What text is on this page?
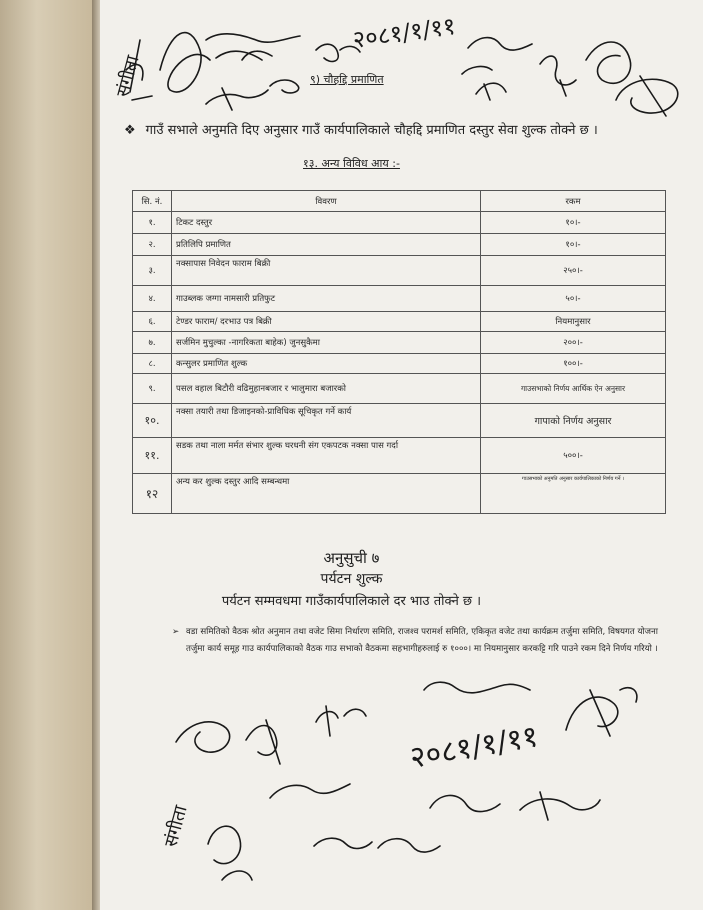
९) चौहद्दि प्रमाणित
❖ गाउँ सभाले अनुमति दिए अनुसार गाउँ कार्यपालिकाले चौहद्दि प्रमाणित दस्तुर सेवा शुल्क तोक्ने छ ।
१३. अन्य विविध आय :-
सि. नं.	विवरण	रकम
१.	टिकट दस्तुर	१०।-
२.	प्रतिलिपि प्रमाणित	१०।-
३.	नक्सापास निवेदन फाराम बिक्री	२५०।-
४.	गाउब्लक जग्गा नामसारी प्रतिफुट	५०।-
६.	टेण्डर फाराम/ दरभाउ पत्र बिक्री	नियमानुसार
७.	सर्जमिन मुचुल्का -नागरिकता बाहेक) जुनसुकैमा	२००।-
८.	कन्सुलर प्रमाणित शुल्क	१००।-
९.	पसल वहाल बिटौरी वढिमुहानबजार र भालुमारा बजारको	गाउसभाको निर्णय आर्थिक ऐन अनुसार
१०.	नक्सा तयारी तथा डिजाइनको-प्राविधिक सूचिकृत गर्ने कार्य	गापाको निर्णय अनुसार
११.	सडक तथा नाला मर्मत संभार शुल्क घरधनी संग एकपटक नक्सा पास गर्दा	५००।-
१२	अन्य कर शुल्क दस्तुर आदि सम्बन्धमा	गाउसभाको अनुमति अनुसार कार्यपालिकाको निर्णय गर्ने ।
अनुसुची ७
पर्यटन शुल्क
पर्यटन सम्मवधमा गाउँकार्यपालिकाले दर भाउ तोक्ने छ ।
➢ वडा समितिको वैठक श्रोत अनुमान तथा वजेट सिमा निर्धारण समिति, राजश्व परामर्श समिति, एकिकृत वजेट तथा कार्यक्रम तर्जुमा समिति, विषयगत योजना तर्जुमा कार्य समूह गाउ कार्यपालिकाको वैठक गाउ सभाको वैठकमा सहभागीहरुलाई रु १०००। मा नियमानुसार करकट्टि गरि पाउने रकम दिने निर्णय गरियो ।
संगीता
२०८१/१/११
२०८१/१/११
संगीता
